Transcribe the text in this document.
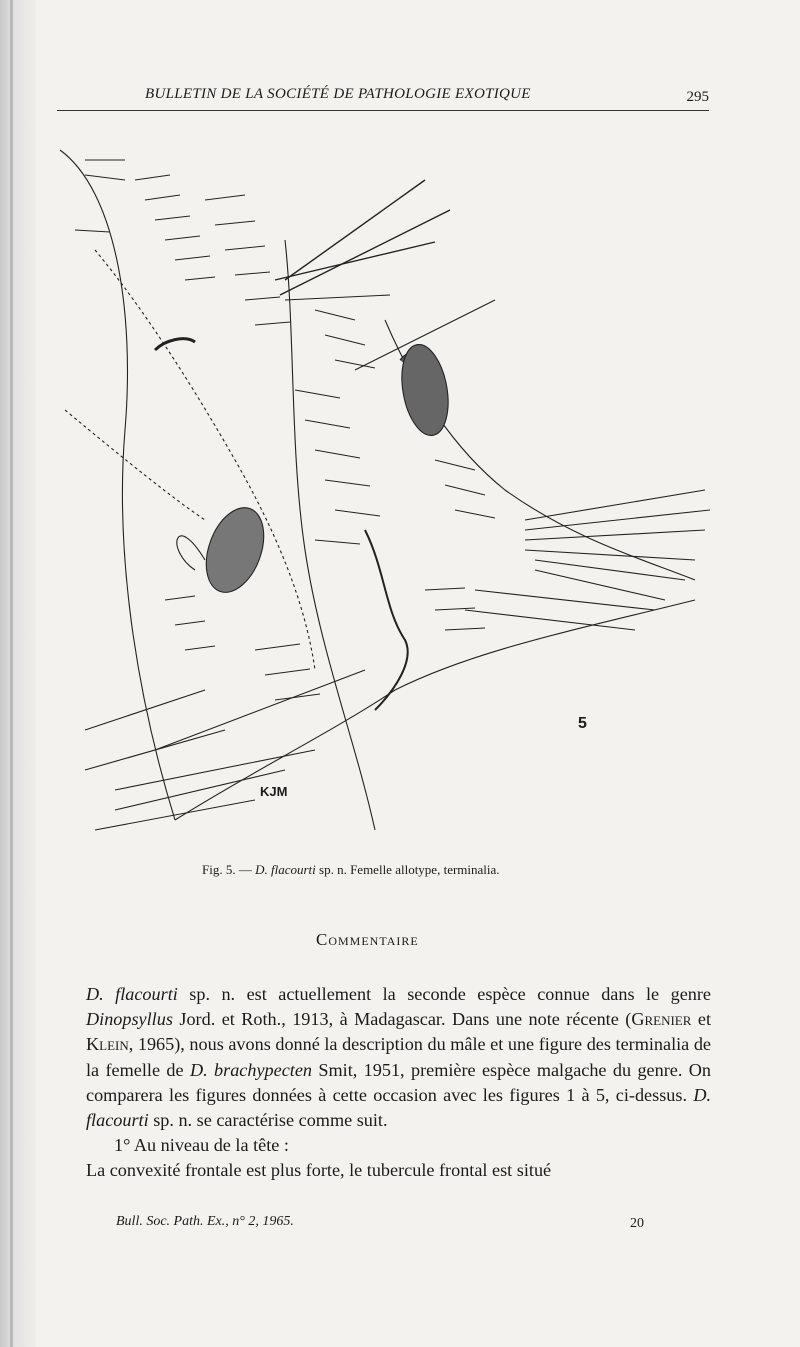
BULLETIN DE LA SOCIÉTÉ DE PATHOLOGIE EXOTIQUE	295
5
KJM
Fig. 5. — D. flacourti sp. n. Femelle allotype, terminalia.
Commentaire

D. flacourti sp. n. est actuellement la seconde espèce connue dans le genre Dinopsyllus Jord. et Roth., 1913, à Madagascar. Dans une note récente (Grenier et Klein, 1965), nous avons donné la description du mâle et une figure des terminalia de la femelle de D. brachypecten Smit, 1951, première espèce malgache du genre. On comparera les figures données à cette occasion avec les figures 1 à 5, ci-dessus. D. flacourti sp. n. se caractérise comme suit.

1° Au niveau de la tête :

La convexité frontale est plus forte, le tubercule frontal est situé

Bull. Soc. Path. Ex., n° 2, 1965.	20
